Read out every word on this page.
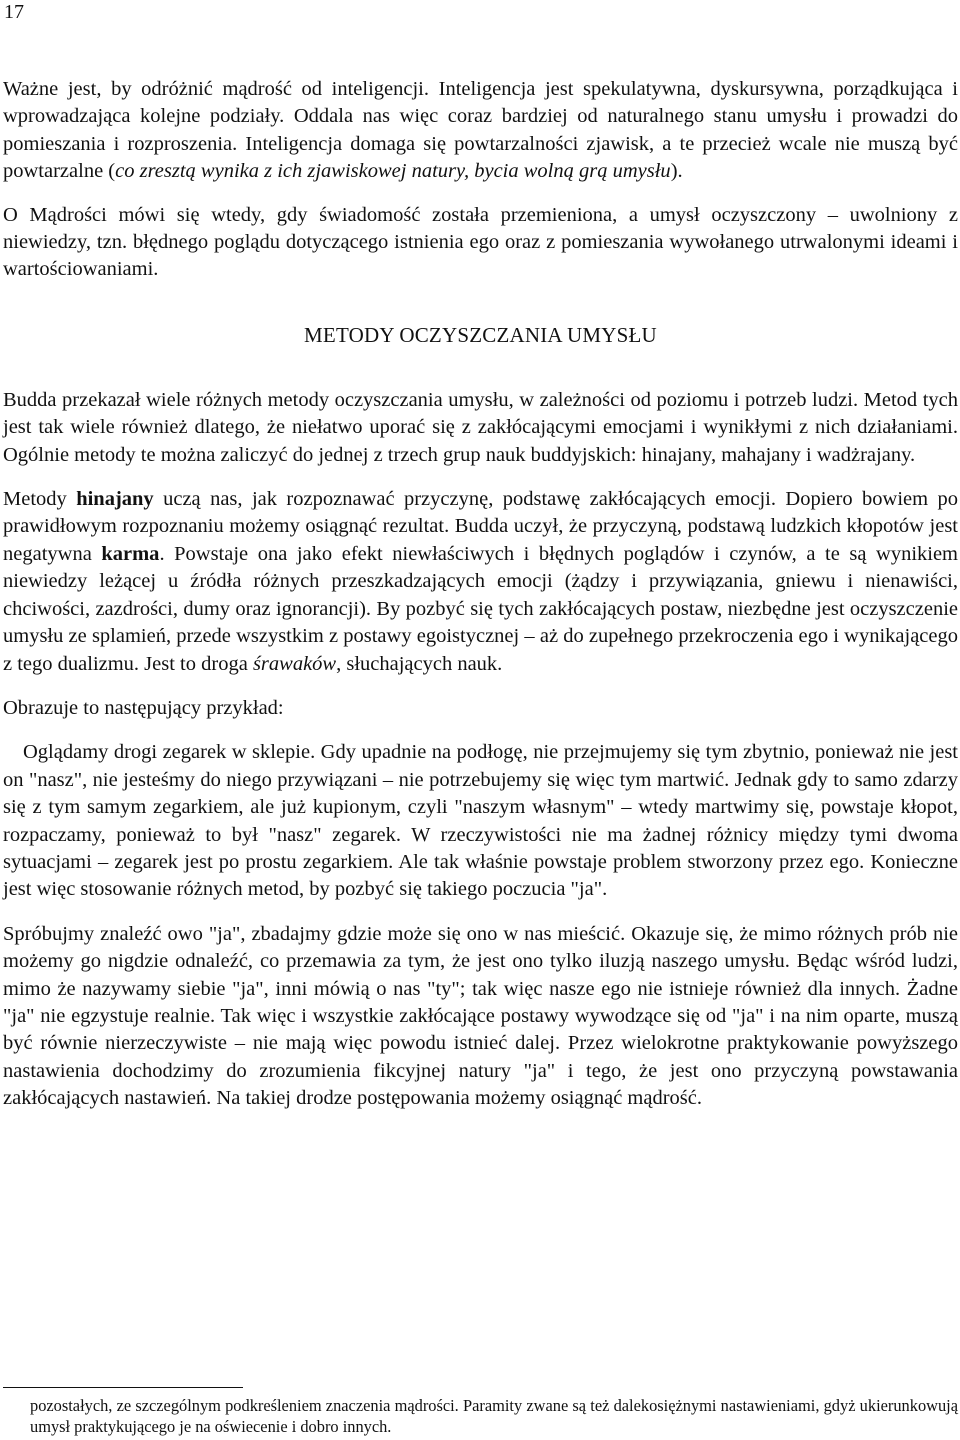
17

Ważne jest, by odróżnić mądrość od inteligencji. Inteligencja jest spekulatywna, dyskursywna, porządkująca i wprowadzająca kolejne podziały. Oddala nas więc coraz bardziej od naturalnego stanu umysłu i prowadzi do pomieszania i rozproszenia. Inteligencja domaga się powtarzalności zjawisk, a te przecież wcale nie muszą być powtarzalne (co zresztą wynika z ich zjawiskowej natury, bycia wolną grą umysłu).

O Mądrości mówi się wtedy, gdy świadomość została przemieniona, a umysł oczyszczony – uwolniony z niewiedzy, tzn. błędnego poglądu dotyczącego istnienia ego oraz z pomieszania wywołanego utrwalonymi ideami i wartościowaniami.

METODY OCZYSZCZANIA UMYSŁU

Budda przekazał wiele różnych metody oczyszczania umysłu, w zależności od poziomu i potrzeb ludzi. Metod tych jest tak wiele również dlatego, że niełatwo uporać się z zakłócającymi emocjami i wynikłymi z nich działaniami. Ogólnie metody te można zaliczyć do jednej z trzech grup nauk buddyjskich: hinajany, mahajany i wadżrajany.

Metody hinajany uczą nas, jak rozpoznawać przyczynę, podstawę zakłócających emocji. Dopiero bowiem po prawidłowym rozpoznaniu możemy osiągnąć rezultat. Budda uczył, że przyczyną, podstawą ludzkich kłopotów jest negatywna karma. Powstaje ona jako efekt niewłaściwych i błędnych poglądów i czynów, a te są wynikiem niewiedzy leżącej u źródła różnych przeszkadzających emocji (żądzy i przywiązania, gniewu i nienawiści, chciwości, zazdrości, dumy oraz ignorancji). By pozbyć się tych zakłócających postaw, niezbędne jest oczyszczenie umysłu ze splamień, przede wszystkim z postawy egoistycznej – aż do zupełnego przekroczenia ego i wynikającego z tego dualizmu. Jest to droga śrawaków, słuchających nauk.

Obrazuje to następujący przykład:

Oglądamy drogi zegarek w sklepie. Gdy upadnie na podłogę, nie przejmujemy się tym zbytnio, ponieważ nie jest on "nasz", nie jesteśmy do niego przywiązani – nie potrzebujemy się więc tym martwić. Jednak gdy to samo zdarzy się z tym samym zegarkiem, ale już kupionym, czyli "naszym własnym" – wtedy martwimy się, powstaje kłopot, rozpaczamy, ponieważ to był "nasz" zegarek. W rzeczywistości nie ma żadnej różnicy między tymi dwoma sytuacjami – zegarek jest po prostu zegarkiem. Ale tak właśnie powstaje problem stworzony przez ego. Konieczne jest więc stosowanie różnych metod, by pozbyć się takiego poczucia "ja".

Spróbujmy znaleźć owo "ja", zbadajmy gdzie może się ono w nas mieścić. Okazuje się, że mimo różnych prób nie możemy go nigdzie odnaleźć, co przemawia za tym, że jest ono tylko iluzją naszego umysłu. Będąc wśród ludzi, mimo że nazywamy siebie "ja", inni mówią o nas "ty"; tak więc nasze ego nie istnieje również dla innych. Żadne "ja" nie egzystuje realnie. Tak więc i wszystkie zakłócające postawy wywodzące się od "ja" i na nim oparte, muszą być równie nierzeczywiste – nie mają więc powodu istnieć dalej. Przez wielokrotne praktykowanie powyższego nastawienia dochodzimy do zrozumienia fikcyjnej natury "ja" i tego, że jest ono przyczyną powstawania zakłócających nastawień. Na takiej drodze postępowania możemy osiągnąć mądrość.

pozostałych, ze szczególnym podkreśleniem znaczenia mądrości. Paramity zwane są też dalekosiężnymi nastawieniami, gdyż ukierunkowują umysł praktykującego je na oświecenie i dobro innych.
